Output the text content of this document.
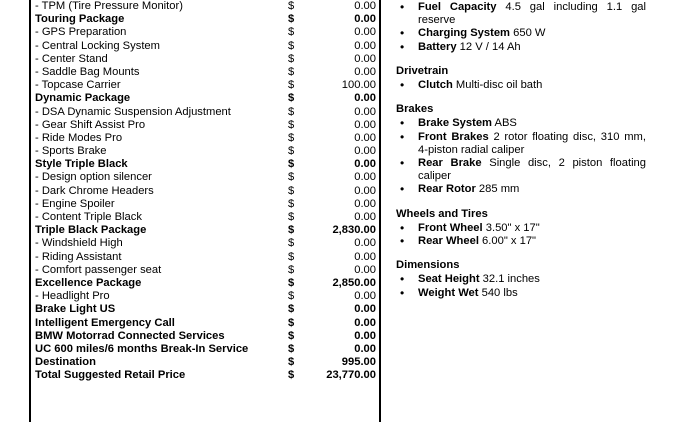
- TPM (Tire Pressure Monitor)	$	0.00
Touring Package	$	0.00
- GPS Preparation	$	0.00
- Central Locking System	$	0.00
- Center Stand	$	0.00
- Saddle Bag Mounts	$	0.00
- Topcase Carrier	$	100.00
Dynamic Package	$	0.00
- DSA Dynamic Suspension Adjustment	$	0.00
- Gear Shift Assist Pro	$	0.00
- Ride Modes Pro	$	0.00
- Sports Brake	$	0.00
Style Triple Black	$	0.00
- Design option silencer	$	0.00
- Dark Chrome Headers	$	0.00
- Engine Spoiler	$	0.00
- Content Triple Black	$	0.00
Triple Black Package	$	2,830.00
- Windshield High	$	0.00
- Riding Assistant	$	0.00
- Comfort passenger seat	$	0.00
Excellence Package	$	2,850.00
- Headlight Pro	$	0.00
Brake Light US	$	0.00
Intelligent Emergency Call	$	0.00
BMW Motorrad Connected Services	$	0.00
UC 600 miles/6 months Break-In Service	$	0.00
Destination	$	995.00
Total Suggested Retail Price	$	23,770.00
• Fuel Capacity 4.5 gal including 1.1 gal reserve
• Charging System 650 W
• Battery 12 V / 14 Ah
Drivetrain
• Clutch Multi-disc oil bath
Brakes
• Brake System ABS
• Front Brakes 2 rotor floating disc, 310 mm, 4-piston radial caliper
• Rear Brake Single disc, 2 piston floating caliper
• Rear Rotor 285 mm
Wheels and Tires
• Front Wheel 3.50" x 17"
• Rear Wheel 6.00" x 17"
Dimensions
• Seat Height 32.1 inches
• Weight Wet 540 lbs
